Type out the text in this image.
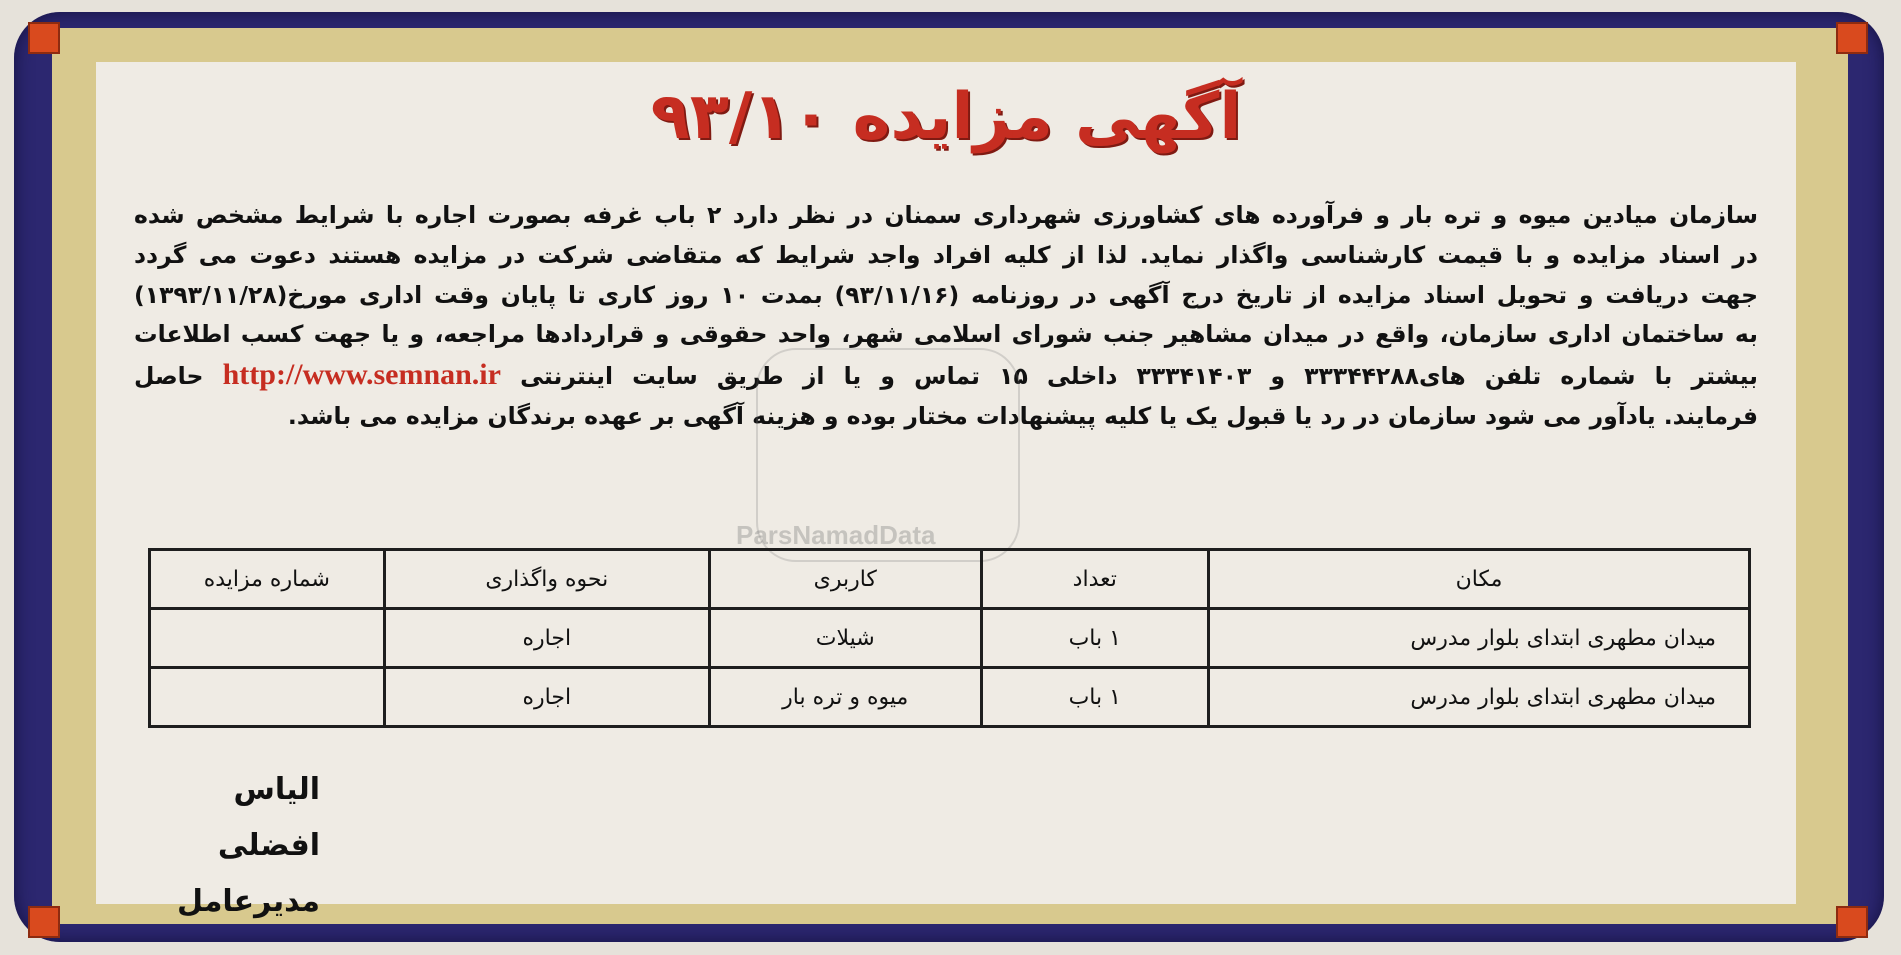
آگهی مزایده ۹۳/۱۰
سازمان میادین میوه و تره بار و فرآورده های کشاورزی شهرداری سمنان در نظر دارد ۲ باب غرفه بصورت اجاره با شرایط مشخص شده
در اسناد مزایده و با قیمت کارشناسی واگذار نماید. لذا از کلیه افراد واجد شرایط که متقاضی شرکت در مزایده هستند دعوت می گردد
جهت دریافت و تحویل اسناد مزایده از تاریخ درج آگهی در روزنامه (۹۳/۱۱/۱۶) بمدت ۱۰ روز کاری تا پایان وقت اداری مورخ(۱۳۹۳/۱۱/۲۸)
به ساختمان اداری سازمان، واقع در میدان مشاهیر جنب شورای اسلامی شهر، واحد حقوقی و قراردادها مراجعه، و یا جهت کسب اطلاعات
بیشتر با شماره تلفن های۳۳۳۴۴۲۸۸ و ۳۳۳۴۱۴۰۳ داخلی ۱۵ تماس و یا از طریق سایت اینترنتی http://www.semnan.ir حاصل
فرمایند. یادآور می شود سازمان در رد یا قبول یک یا کلیه پیشنهادات مختار بوده و هزینه آگهی بر عهده برندگان مزایده می باشد.
ParsNamadData
مکان	تعداد	کاربری	نحوه واگذاری	شماره مزایده
میدان مطهری ابتدای بلوار مدرس	۱ باب	شیلات	اجاره	
میدان مطهری ابتدای بلوار مدرس	۱ باب	میوه و تره بار	اجاره	
الیاس افضلی
مدیرعامل
